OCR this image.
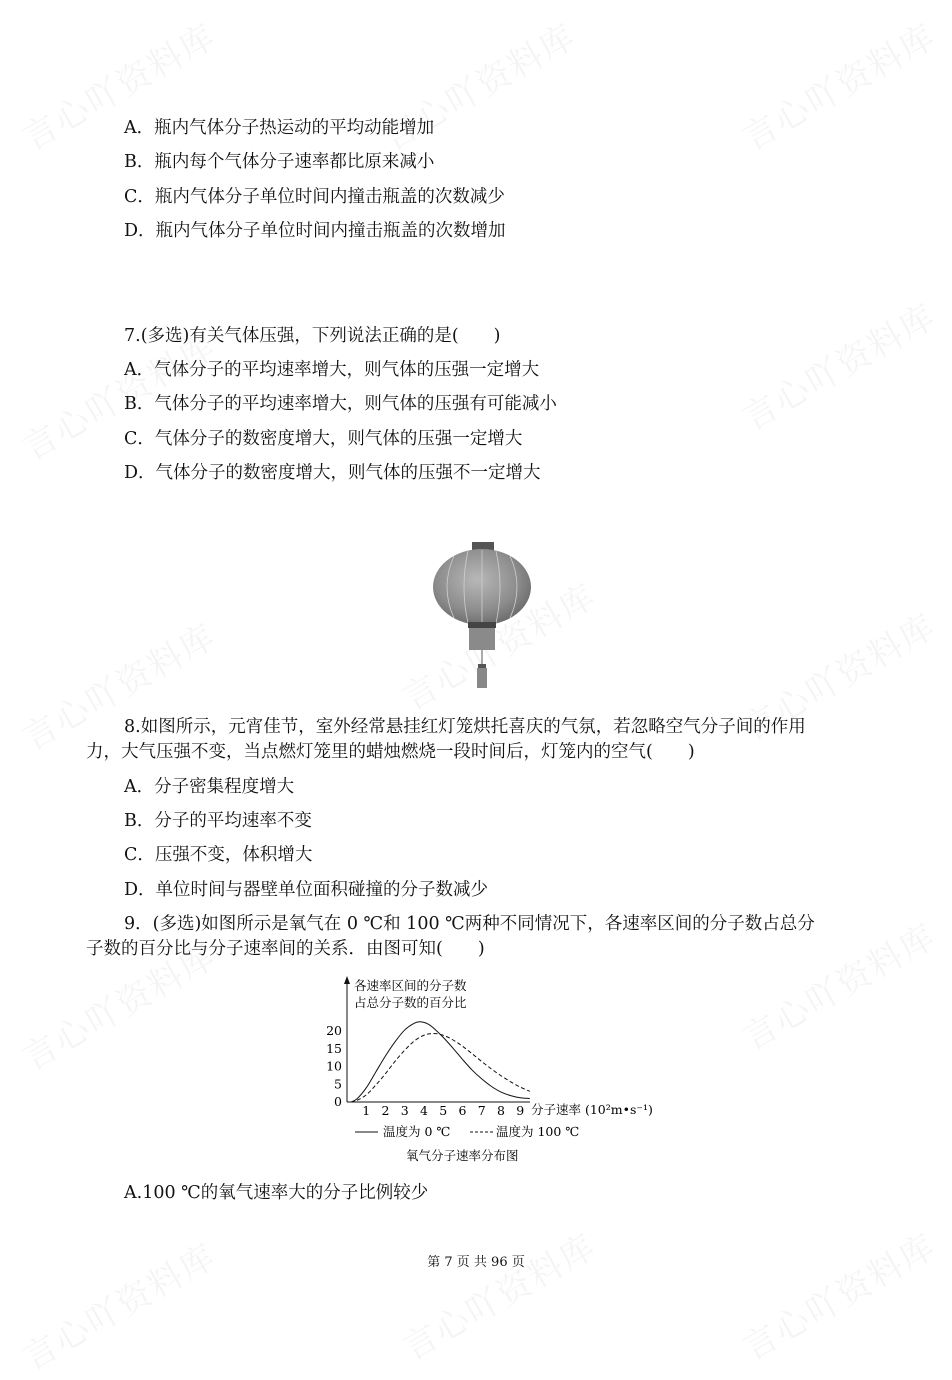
A．瓶内气体分子热运动的平均动能增加
B．瓶内每个气体分子速率都比原来减小
C．瓶内气体分子单位时间内撞击瓶盖的次数减少
D．瓶内气体分子单位时间内撞击瓶盖的次数增加
7.(多选)有关气体压强，下列说法正确的是(　　)
A．气体分子的平均速率增大，则气体的压强一定增大
B．气体分子的平均速率增大，则气体的压强有可能减小
C．气体分子的数密度增大，则气体的压强一定增大
D．气体分子的数密度增大，则气体的压强不一定增大
8.如图所示，元宵佳节，室外经常悬挂红灯笼烘托喜庆的气氛，若忽略空气分子间的作用
力，大气压强不变，当点燃灯笼里的蜡烛燃烧一段时间后，灯笼内的空气(　　)
A．分子密集程度增大
B．分子的平均速率不变
C．压强不变，体积增大
D．单位时间与器壁单位面积碰撞的分子数减少
9．(多选)如图所示是氧气在 0 ℃和 100 ℃两种不同情况下，各速率区间的分子数占总分
子数的百分比与分子速率间的关系．由图可知(　　)
各速率区间的分子数
占总分子数的百分比
分子速率 (10²m•s⁻¹)
1 2 3 4 5 6 7 8 9
0
5
10
15
20
温度为 0 ℃	温度为 100 ℃
氧气分子速率分布图
A.100 ℃的氧气速率大的分子比例较少
第 7 页 共 96 页
